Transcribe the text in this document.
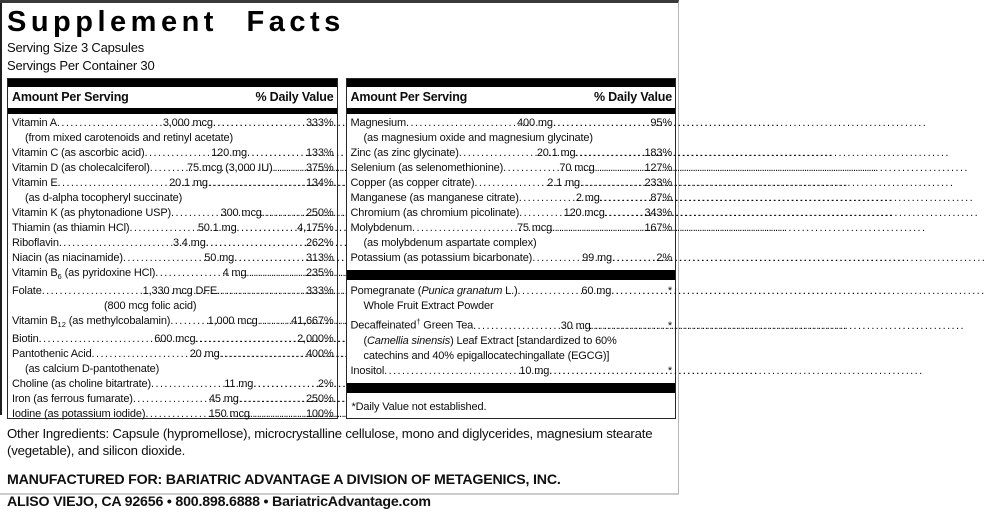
Supplement Facts
Serving Size 3 Capsules
Servings Per Container 30
Amount Per Serving	% Daily Value
Vitamin A .....	3,000 mcg .....	333%
(from mixed carotenoids and retinyl acetate)
Vitamin C (as ascorbic acid) .....	120 mg .....	133%
Vitamin D (as cholecalciferol) .....	75 mcg (3,000 IU) .....	375%
Vitamin E .....	20.1 mg .....	134%
(as d-alpha tocopheryl succinate)
Vitamin K (as phytonadione USP) .....	300 mcg .....	250%
Thiamin (as thiamin HCl) .....	50.1 mg .....	4,175%
Riboflavin .....	3.4 mg .....	262%
Niacin (as niacinamide) .....	50 mg .....	313%
Vitamin $B_6$ (as pyridoxine HCl) .....	4 mg .....	235%
Folate .....	1,330 mcg DFE .....	333%
(800 mcg folic acid)
Vitamin $B_{12}$ (as methylcobalamin) .....	1,000 mcg .....	41,667%
Biotin .....	600 mcg .....	2,000%
Pantothenic Acid .....	20 mg .....	400%
(as calcium D-pantothenate)
Choline (as choline bitartrate) .....	11 mg .....	2%
Iron (as ferrous fumarate) .....	45 mg .....	250%
Iodine (as potassium iodide) .....	150 mcg .....	100%
Amount Per Serving	% Daily Value
Magnesium .....	400 mg .....	95%
(as magnesium oxide and magnesium glycinate)
Zinc (as zinc glycinate) .....	20.1 mg .....	183%
Selenium (as selenomethionine) .....	70 mcg .....	127%
Copper (as copper citrate) .....	2.1 mg .....	233%
Manganese (as manganese citrate) .....	2 mg .....	87%
Chromium (as chromium picolinate) .....	120 mcg .....	343%
Molybdenum .....	75 mcg .....	167%
(as molybdenum aspartate complex)
Potassium (as potassium bicarbonate) .....	99 mg .....	2%
Pomegranate (Punica granatum L.) .....	60 mg .....	*
Whole Fruit Extract Powder
Decaffeinated† Green Tea .....	30 mg .....	*
(Camellia sinensis) Leaf Extract [standardized to 60%
catechins and 40% epigallocatechingallate (EGCG)]
Inositol .....	10 mg .....	*
*Daily Value not established.
Other Ingredients: Capsule (hypromellose), microcrystalline cellulose, mono and diglycerides, magnesium stearate (vegetable), and silicon dioxide.
MANUFACTURED FOR: BARIATRIC ADVANTAGE A DIVISION OF METAGENICS, INC.
ALISO VIEJO, CA 92656 • 800.898.6888 • BariatricAdvantage.com
